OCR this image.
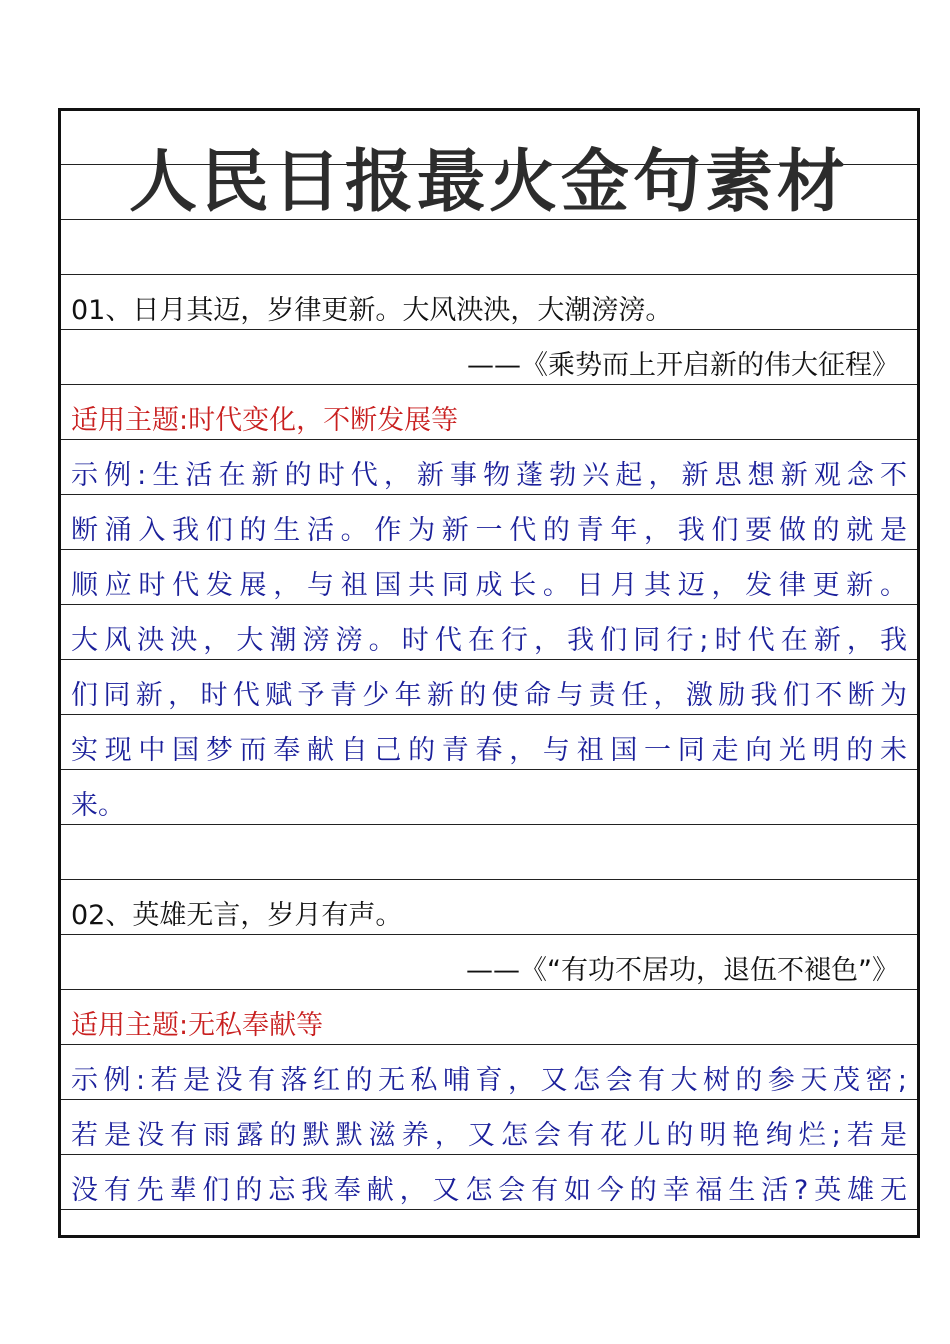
人民日报最火金句素材
01、日月其迈，岁律更新。大风泱泱，大潮滂滂。
——《乘势而上开启新的伟大征程》
适用主题:时代变化，不断发展等
示例:生活在新的时代，新事物蓬勃兴起，新思想新观念不
断涌入我们的生活。作为新一代的青年，我们要做的就是
顺应时代发展，与祖国共同成长。日月其迈，发律更新。
大风泱泱，大潮滂滂。时代在行，我们同行;时代在新，我
们同新，时代赋予青少年新的使命与责任，激励我们不断为
实现中国梦而奉献自己的青春，与祖国一同走向光明的未
来。
02、英雄无言，岁月有声。
——《“有功不居功，退伍不褪色”》
适用主题:无私奉献等
示例:若是没有落红的无私哺育，又怎会有大树的参天茂密;
若是没有雨露的默默滋养，又怎会有花儿的明艳绚烂;若是
没有先辈们的忘我奉献，又怎会有如今的幸福生活?英雄无
